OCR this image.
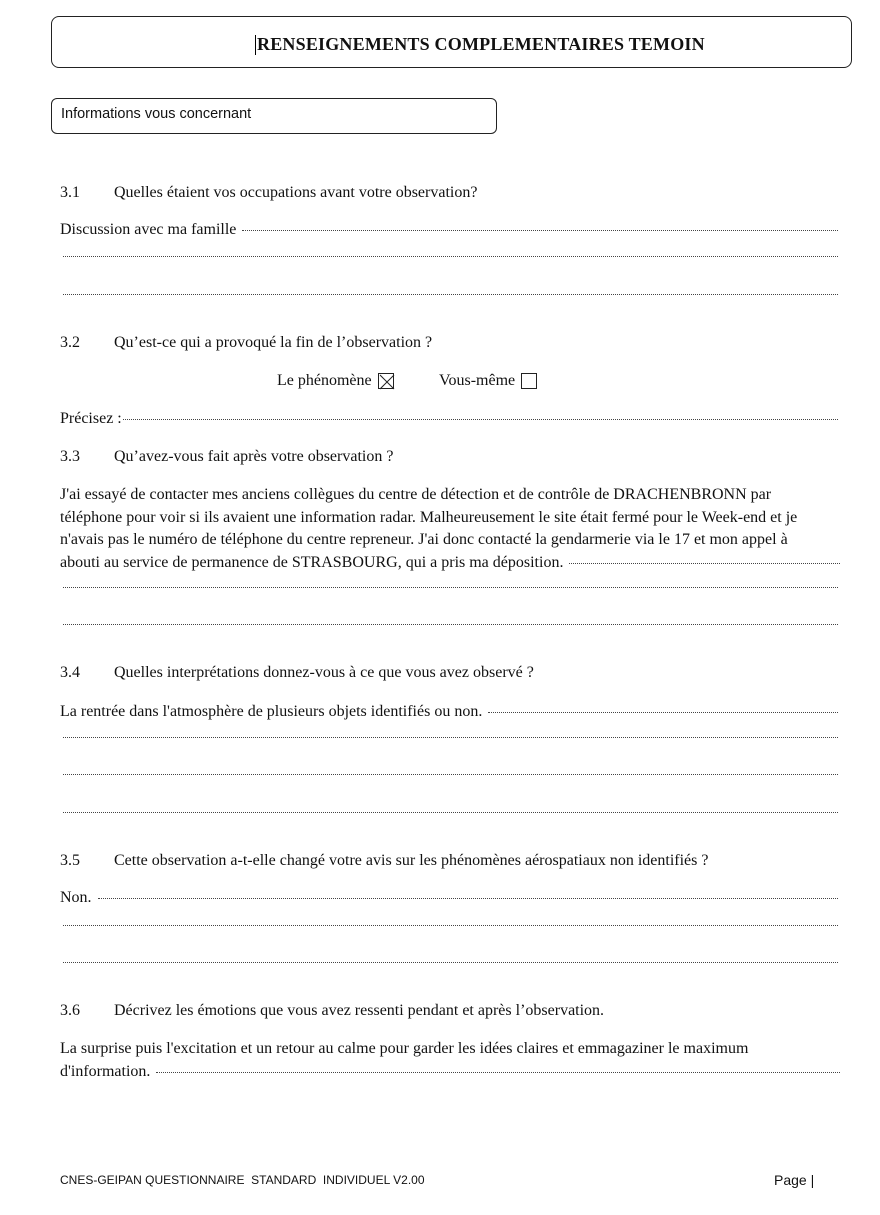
RENSEIGNEMENTS COMPLEMENTAIRES TEMOIN
Informations vous concernant
3.1 Quelles étaient vos occupations avant votre observation?
Discussion avec ma famille
3.2 Qu’est-ce qui a provoqué la fin de l’observation ?
Le phénomène	Vous-même
Précisez :
3.3 Qu’avez-vous fait après votre observation ?
J'ai essayé de contacter mes anciens collègues du centre de détection et de contrôle de DRACHENBRONN par
téléphone pour voir si ils avaient une information radar. Malheureusement le site était fermé pour le Week-end et je
n'avais pas le numéro de téléphone du centre repreneur. J'ai donc contacté la gendarmerie via le 17 et mon appel à
abouti au service de permanence de STRASBOURG, qui a pris ma déposition.
3.4 Quelles interprétations donnez-vous à ce que vous avez observé ?
La rentrée dans l'atmosphère de plusieurs objets identifiés ou non.
3.5 Cette observation a-t-elle changé votre avis sur les phénomènes aérospatiaux non identifiés ?
Non.
3.6 Décrivez les émotions que vous avez ressenti pendant et après l’observation.
La surprise puis l'excitation et un retour au calme pour garder les idées claires et emmagaziner le maximum
d'information.
CNES-GEIPAN QUESTIONNAIRE  STANDARD  INDIVIDUEL V2.00	Page |
